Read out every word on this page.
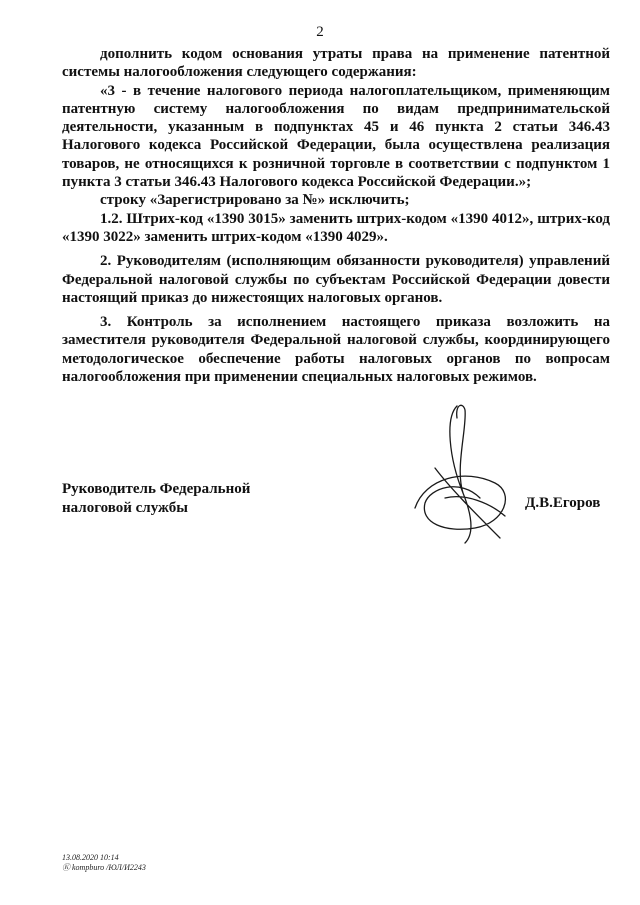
2

дополнить кодом основания утраты права на применение патентной системы налогообложения следующего содержания:

«3 - в течение налогового периода налогоплательщиком, применяющим патентную систему налогообложения по видам предпринимательской деятельности, указанным в подпунктах 45 и 46 пункта 2 статьи 346.43 Налогового кодекса Российской Федерации, была осуществлена реализация товаров, не относящихся к розничной торговле в соответствии с подпунктом 1 пункта 3 статьи 346.43 Налогового кодекса Российской Федерации.»;

строку «Зарегистрировано за №» исключить;

1.2. Штрих-код «1390 3015» заменить штрих-кодом «1390 4012», штрих-код «1390 3022» заменить штрих-кодом «1390 4029».

2. Руководителям (исполняющим обязанности руководителя) управлений Федеральной налоговой службы по субъектам Российской Федерации довести настоящий приказ до нижестоящих налоговых органов.

3. Контроль за исполнением настоящего приказа возложить на заместителя руководителя Федеральной налоговой службы, координирующего методологическое обеспечение работы налоговых органов по вопросам налогообложения при применении специальных налоговых режимов.

Руководитель Федеральной
налоговой службы	Д.В.Егоров
13.08.2020 10:14
Ⓚ kompburo /ЮЛ/И2243
